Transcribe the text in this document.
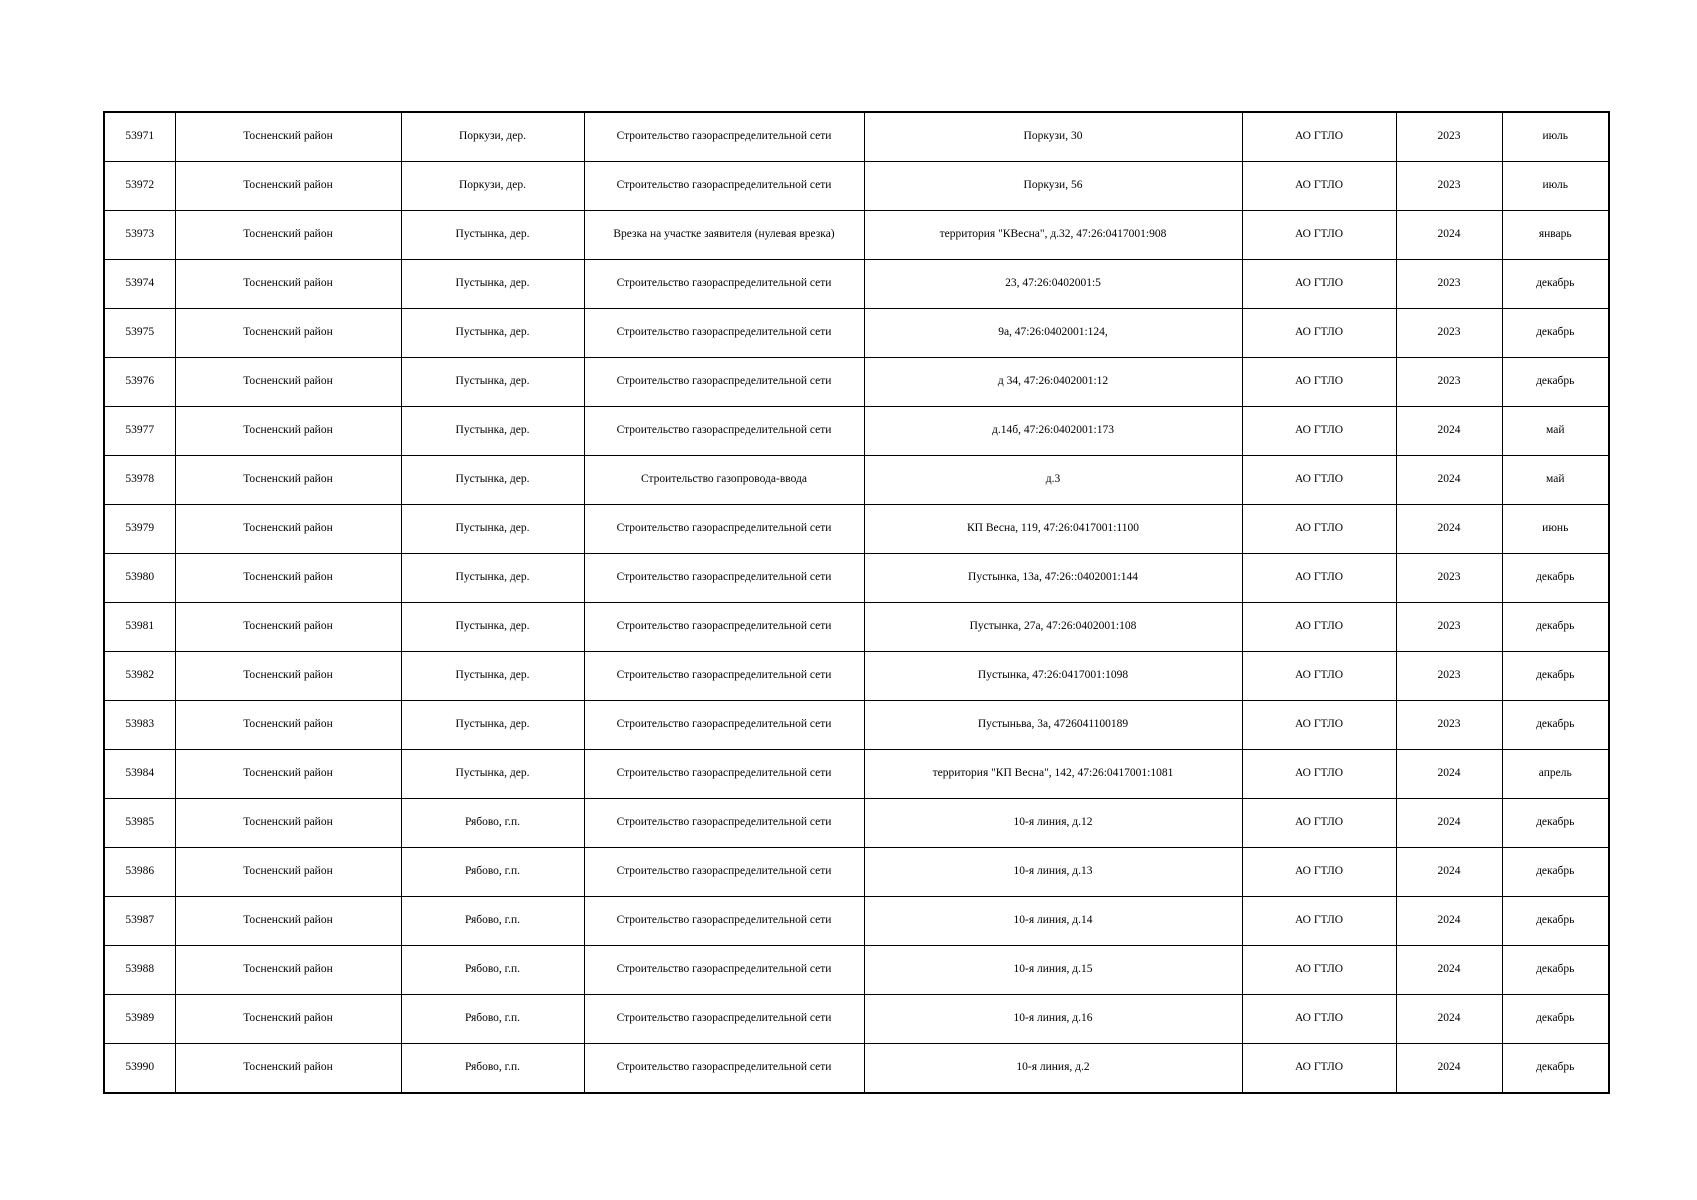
53971	Тосненский район	Поркузи, дер.	Строительство газораспределительной сети	Поркузи, 30	АО ГТЛО	2023	июль
53972	Тосненский район	Поркузи, дер.	Строительство газораспределительной сети	Поркузи, 56	АО ГТЛО	2023	июль
53973	Тосненский район	Пустынка, дер.	Врезка на участке заявителя (нулевая врезка)	территория "КВесна", д.32, 47:26:0417001:908	АО ГТЛО	2024	январь
53974	Тосненский район	Пустынка, дер.	Строительство газораспределительной сети	23, 47:26:0402001:5	АО ГТЛО	2023	декабрь
53975	Тосненский район	Пустынка, дер.	Строительство газораспределительной сети	9а, 47:26:0402001:124,	АО ГТЛО	2023	декабрь
53976	Тосненский район	Пустынка, дер.	Строительство газораспределительной сети	д 34, 47:26:0402001:12	АО ГТЛО	2023	декабрь
53977	Тосненский район	Пустынка, дер.	Строительство газораспределительной сети	д.14б, 47:26:0402001:173	АО ГТЛО	2024	май
53978	Тосненский район	Пустынка, дер.	Строительство газопровода-ввода	д.3	АО ГТЛО	2024	май
53979	Тосненский район	Пустынка, дер.	Строительство газораспределительной сети	КП Весна, 119, 47:26:0417001:1100	АО ГТЛО	2024	июнь
53980	Тосненский район	Пустынка, дер.	Строительство газораспределительной сети	Пустынка, 13а, 47:26::0402001:144	АО ГТЛО	2023	декабрь
53981	Тосненский район	Пустынка, дер.	Строительство газораспределительной сети	Пустынка, 27а, 47:26:0402001:108	АО ГТЛО	2023	декабрь
53982	Тосненский район	Пустынка, дер.	Строительство газораспределительной сети	Пустынка, 47:26:0417001:1098	АО ГТЛО	2023	декабрь
53983	Тосненский район	Пустынка, дер.	Строительство газораспределительной сети	Пустыньва, 3а, 4726041100189	АО ГТЛО	2023	декабрь
53984	Тосненский район	Пустынка, дер.	Строительство газораспределительной сети	территория "КП Весна", 142, 47:26:0417001:1081	АО ГТЛО	2024	апрель
53985	Тосненский район	Рябово, г.п.	Строительство газораспределительной сети	10-я линия, д.12	АО ГТЛО	2024	декабрь
53986	Тосненский район	Рябово, г.п.	Строительство газораспределительной сети	10-я линия, д.13	АО ГТЛО	2024	декабрь
53987	Тосненский район	Рябово, г.п.	Строительство газораспределительной сети	10-я линия, д.14	АО ГТЛО	2024	декабрь
53988	Тосненский район	Рябово, г.п.	Строительство газораспределительной сети	10-я линия, д.15	АО ГТЛО	2024	декабрь
53989	Тосненский район	Рябово, г.п.	Строительство газораспределительной сети	10-я линия, д.16	АО ГТЛО	2024	декабрь
53990	Тосненский район	Рябово, г.п.	Строительство газораспределительной сети	10-я линия, д.2	АО ГТЛО	2024	декабрь
